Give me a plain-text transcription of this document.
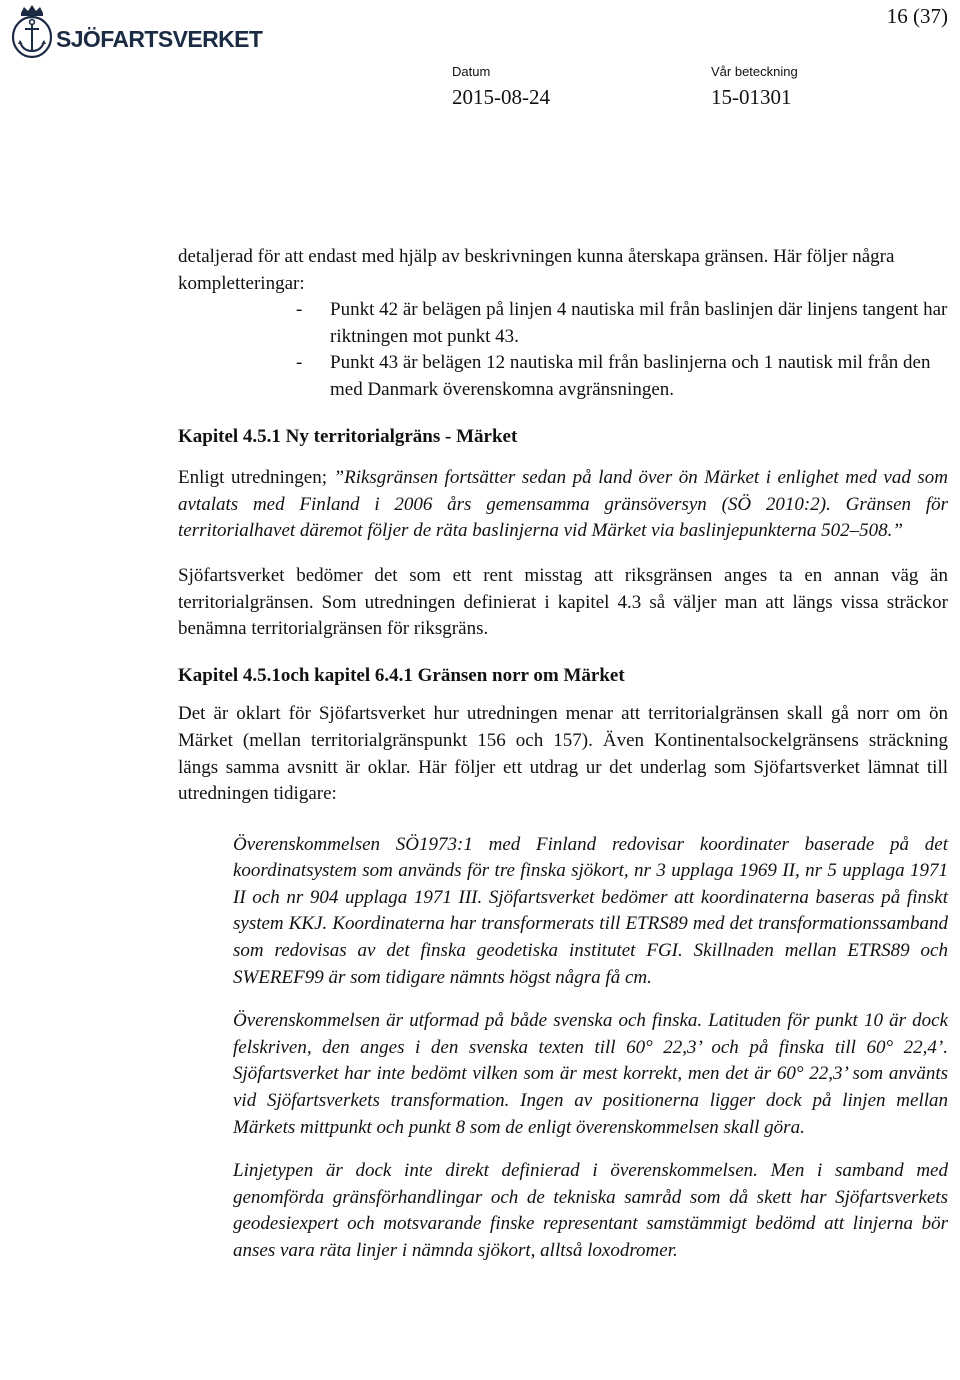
SJÖFARTSVERKET
16 (37)
Datum
2015-08-24
Vår beteckning
15-01301

detaljerad för att endast med hjälp av beskrivningen kunna återskapa gränsen. Här följer några kompletteringar:

- Punkt 42 är belägen på linjen 4 nautiska mil från baslinjen där linjens tangent har riktningen mot punkt 43.
- Punkt 43 är belägen 12 nautiska mil från baslinjerna och 1 nautisk mil från den med Danmark överenskomna avgränsningen.
Kapitel 4.5.1 Ny territorialgräns - Märket

Enligt utredningen; ”Riksgränsen fortsätter sedan på land över ön Märket i enlighet med vad som avtalats med Finland i 2006 års gemensamma gränsöversyn (SÖ 2010:2). Gränsen för territorialhavet däremot följer de räta baslinjerna vid Märket via baslinjepunkterna 502–508.”

Sjöfartsverket bedömer det som ett rent misstag att riksgränsen anges ta en annan väg än territorialgränsen. Som utredningen definierat i kapitel 4.3 så väljer man att längs vissa sträckor benämna territorialgränsen för riksgräns.

Kapitel 4.5.1och kapitel 6.4.1 Gränsen norr om Märket

Det är oklart för Sjöfartsverket hur utredningen menar att territorialgränsen skall gå norr om ön Märket (mellan territorialgränspunkt 156 och 157). Även Kontinentalsockelgränsens sträckning längs samma avsnitt är oklar. Här följer ett utdrag ur det underlag som Sjöfartsverket lämnat till utredningen tidigare:

Överenskommelsen SÖ1973:1 med Finland redovisar koordinater baserade på det koordinatsystem som används för tre finska sjökort, nr 3 upplaga 1969 II, nr 5 upplaga 1971 II och nr 904 upplaga 1971 III. Sjöfartsverket bedömer att koordinaterna baseras på finskt system KKJ. Koordinaterna har transformerats till ETRS89 med det transformationssamband som redovisas av det finska geodetiska institutet FGI. Skillnaden mellan ETRS89 och SWEREF99 är som tidigare nämnts högst några få cm.

Överenskommelsen är utformad på både svenska och finska. Latituden för punkt 10 är dock felskriven, den anges i den svenska texten till 60° 22,3’ och på finska till 60° 22,4’. Sjöfartsverket har inte bedömt vilken som är mest korrekt, men det är 60° 22,3’ som använts vid Sjöfartsverkets transformation. Ingen av positionerna ligger dock på linjen mellan Märkets mittpunkt och punkt 8 som de enligt överenskommelsen skall göra.

Linjetypen är dock inte direkt definierad i överenskommelsen. Men i samband med genomförda gränsförhandlingar och de tekniska samråd som då skett har Sjöfartsverkets geodesiexpert och motsvarande finske representant samstämmigt bedömd att linjerna bör anses vara räta linjer i nämnda sjökort, alltså loxodromer.
